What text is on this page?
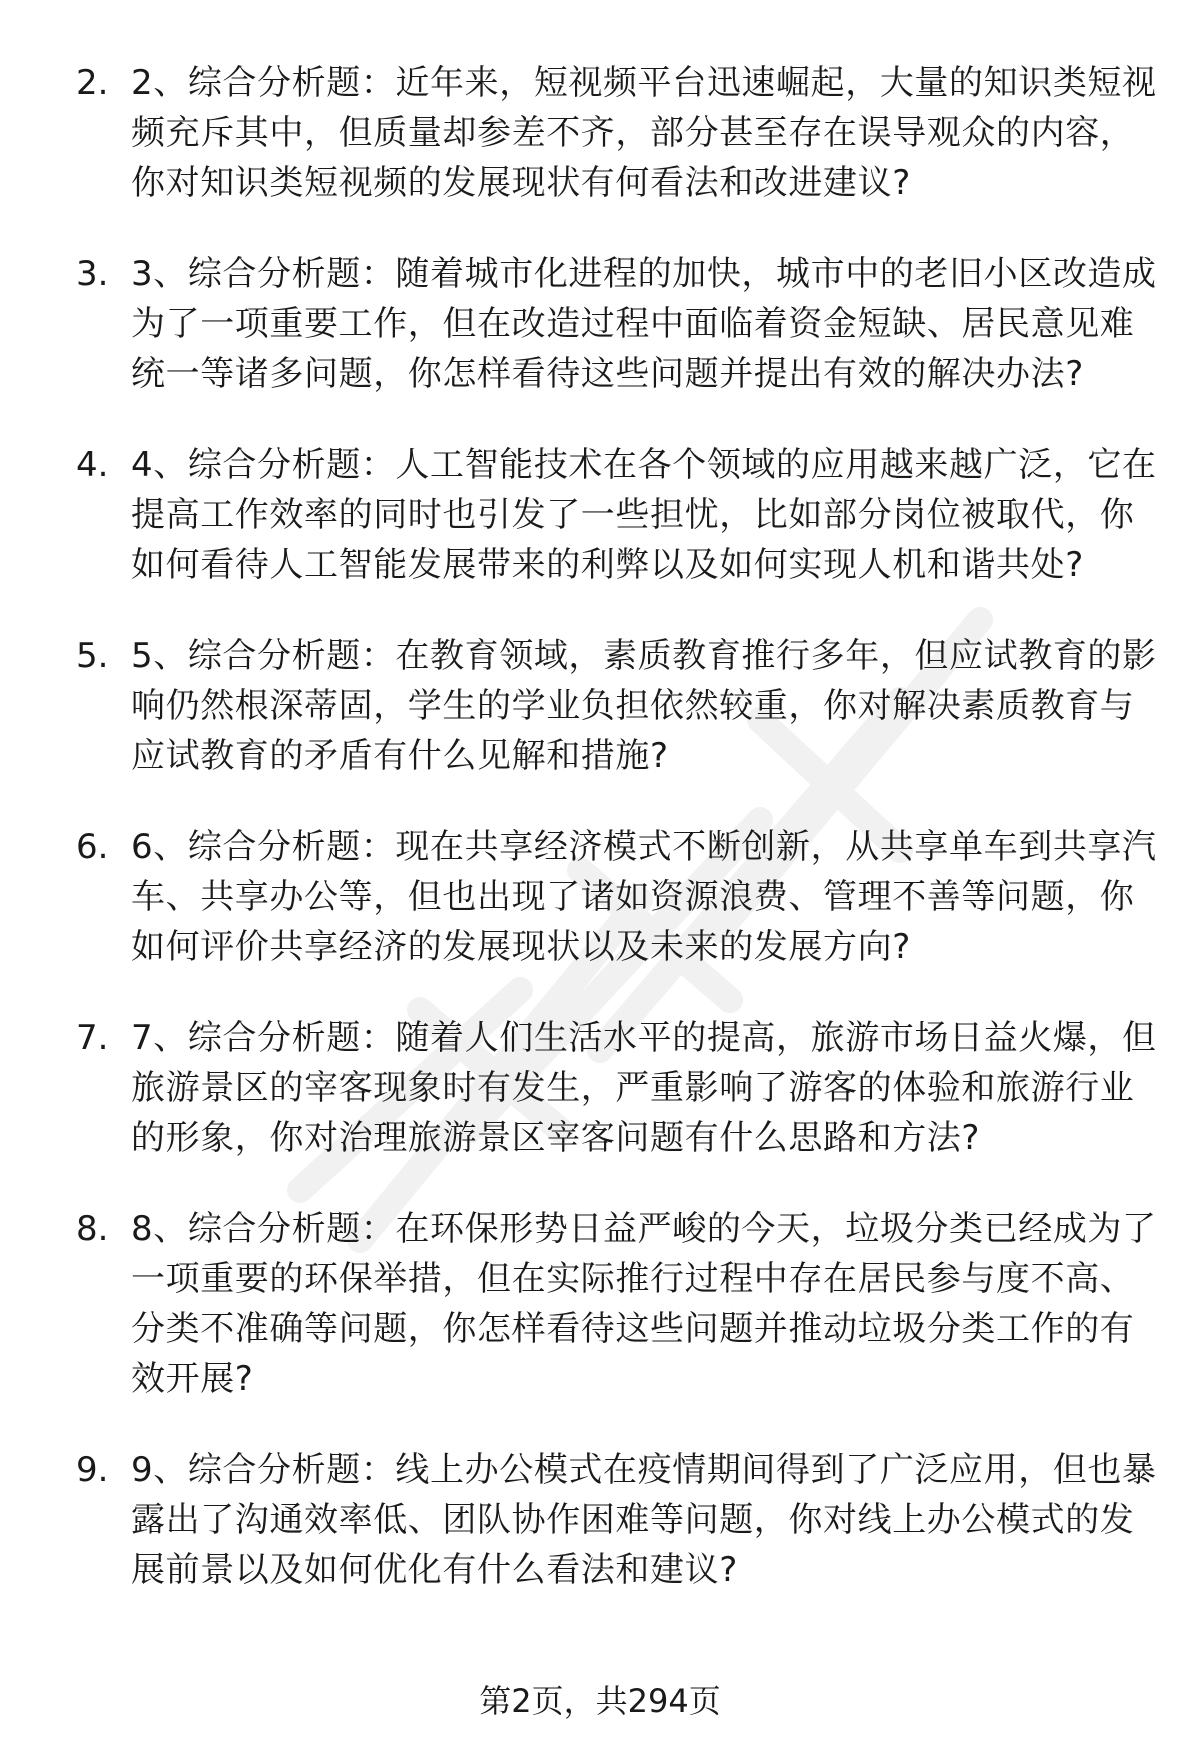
2. 2、综合分析题：近年来，短视频平台迅速崛起，大量的知识类短视频充斥其中，但质量却参差不齐，部分甚至存在误导观众的内容，你对知识类短视频的发展现状有何看法和改进建议?
3. 3、综合分析题：随着城市化进程的加快，城市中的老旧小区改造成为了一项重要工作，但在改造过程中面临着资金短缺、居民意见难统一等诸多问题，你怎样看待这些问题并提出有效的解决办法?
4. 4、综合分析题：人工智能技术在各个领域的应用越来越广泛，它在提高工作效率的同时也引发了一些担忧，比如部分岗位被取代，你如何看待人工智能发展带来的利弊以及如何实现人机和谐共处?
5. 5、综合分析题：在教育领域，素质教育推行多年，但应试教育的影响仍然根深蒂固，学生的学业负担依然较重，你对解决素质教育与应试教育的矛盾有什么见解和措施?
6. 6、综合分析题：现在共享经济模式不断创新，从共享单车到共享汽车、共享办公等，但也出现了诸如资源浪费、管理不善等问题，你如何评价共享经济的发展现状以及未来的发展方向?
7. 7、综合分析题：随着人们生活水平的提高，旅游市场日益火爆，但旅游景区的宰客现象时有发生，严重影响了游客的体验和旅游行业的形象，你对治理旅游景区宰客问题有什么思路和方法?
8. 8、综合分析题：在环保形势日益严峻的今天，垃圾分类已经成为了一项重要的环保举措，但在实际推行过程中存在居民参与度不高、分类不准确等问题，你怎样看待这些问题并推动垃圾分类工作的有效开展?
9. 9、综合分析题：线上办公模式在疫情期间得到了广泛应用，但也暴露出了沟通效率低、团队协作困难等问题，你对线上办公模式的发展前景以及如何优化有什么看法和建议?
第2页，共294页
